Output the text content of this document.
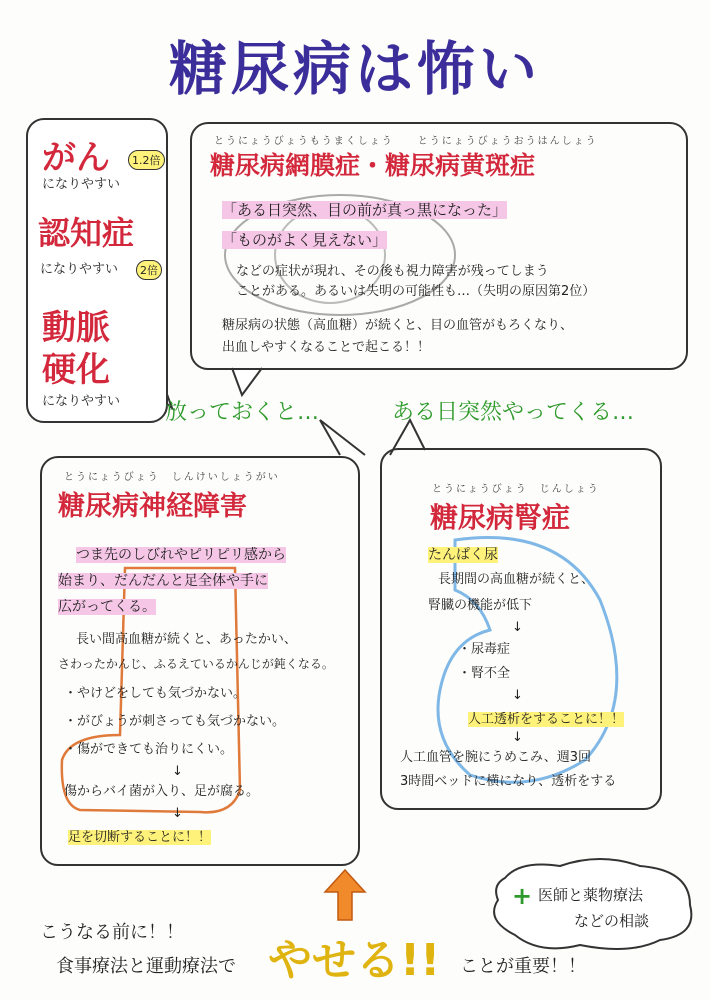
糖尿病は怖い
がん	1.2倍
になりやすい
認知症
になりやすい	2倍
動脈
硬化
になりやすい
とうにょうびょうもうまくしょう　　とうにょうびょうおうはんしょう
糖尿病網膜症・糖尿病黄斑症
「ある日突然、目の前が真っ黒になった」
「ものがよく見えない」
などの症状が現れ、その後も視力障害が残ってしまう
ことがある。あるいは失明の可能性も…（失明の原因第2位）
糖尿病の状態（高血糖）が続くと、目の血管がもろくなり、
出血しやすくなることで起こる！！
放っておくと…	ある日突然やってくる…
とうにょうびょう　しんけいしょうがい
糖尿病神経障害
つま先のしびれやピリピリ感から
始まり、だんだんと足全体や手に
広がってくる。
長い間高血糖が続くと、あったかい、
さわったかんじ、ふるえているかんじが鈍くなる。
・やけどをしても気づかない。
・がびょうが刺さっても気づかない。
・傷ができても治りにくい。
↓
傷からバイ菌が入り、足が腐る。
↓
足を切断することに！！
とうにょうびょう　じんしょう
糖尿病腎症
たんぱく尿
長期間の高血糖が続くと、
腎臓の機能が低下
↓
・尿毒症
・腎不全
↓
人工透析をすることに！！
↓
人工血管を腕にうめこみ、週3回
3時間ベッドに横になり、透析をする
こうなる前に！！
食事療法と運動療法で やせる!! ことが重要！！
+ 医師と薬物療法
などの相談
